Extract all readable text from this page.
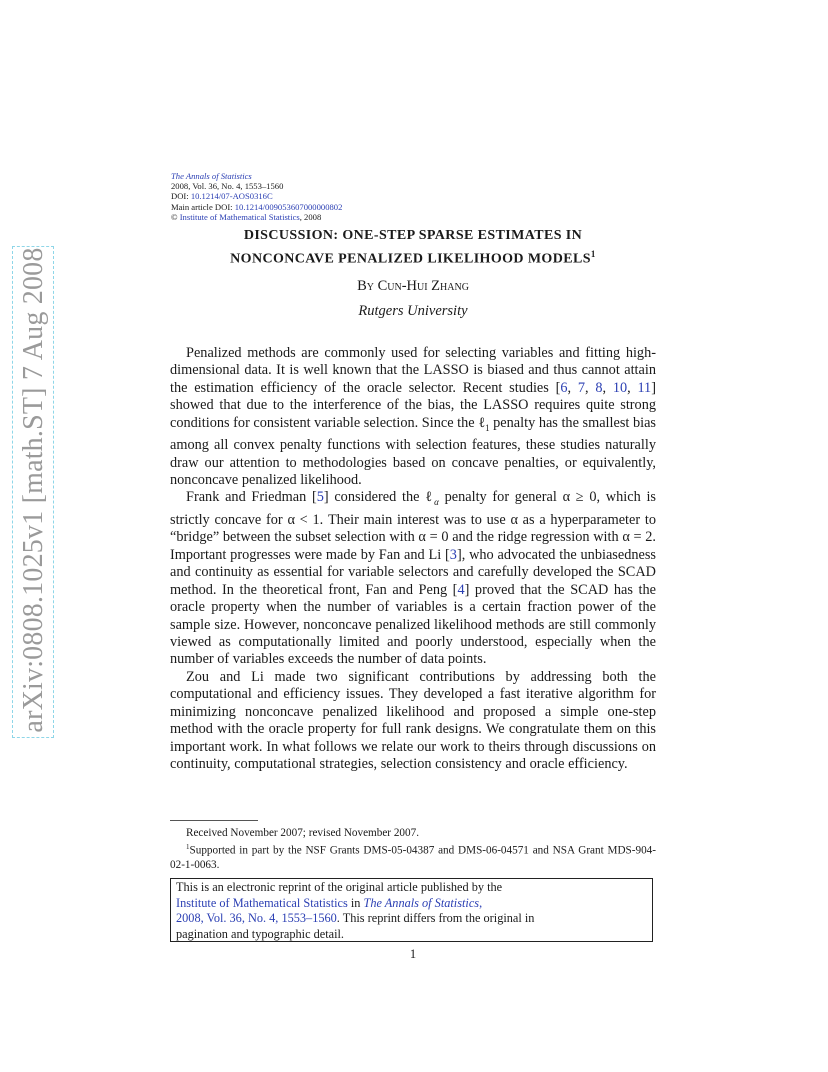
arXiv:0808.1025v1 [math.ST] 7 Aug 2008
The Annals of Statistics
2008, Vol. 36, No. 4, 1553–1560
DOI: 10.1214/07-AOS0316C
Main article DOI: 10.1214/009053607000000802
© Institute of Mathematical Statistics, 2008
DISCUSSION: ONE-STEP SPARSE ESTIMATES IN
NONCONCAVE PENALIZED LIKELIHOOD MODELS$^1$
By Cun-Hui Zhang
Rutgers University

Penalized methods are commonly used for selecting variables and fitting high-dimensional data. It is well known that the LASSO is biased and thus cannot attain the estimation efficiency of the oracle selector. Recent studies [6, 7, 8, 10, 11] showed that due to the interference of the bias, the LASSO requires quite strong conditions for consistent variable selection. Since the ℓ$_1$ penalty has the smallest bias among all convex penalty functions with selection features, these studies naturally draw our attention to methodologies based on concave penalties, or equivalently, nonconcave penalized likelihood.

Frank and Friedman [5] considered the ℓ$_\alpha$ penalty for general α ≥ 0, which is strictly concave for α < 1. Their main interest was to use α as a hyperparameter to “bridge” between the subset selection with α = 0 and the ridge regression with α = 2. Important progresses were made by Fan and Li [3], who advocated the unbiasedness and continuity as essential for variable selectors and carefully developed the SCAD method. In the theoretical front, Fan and Peng [4] proved that the SCAD has the oracle property when the number of variables is a certain fraction power of the sample size. However, nonconcave penalized likelihood methods are still commonly viewed as computationally limited and poorly understood, especially when the number of variables exceeds the number of data points.

Zou and Li made two significant contributions by addressing both the computational and efficiency issues. They developed a fast iterative algorithm for minimizing nonconcave penalized likelihood and proposed a simple one-step method with the oracle property for full rank designs. We congratulate them on this important work. In what follows we relate our work to theirs through discussions on continuity, computational strategies, selection consistency and oracle efficiency.

Received November 2007; revised November 2007.

$^1$Supported in part by the NSF Grants DMS-05-04387 and DMS-06-04571 and NSA Grant MDS-904-02-1-0063.

This is an electronic reprint of the original article published by the
Institute of Mathematical Statistics in The Annals of Statistics,
2008, Vol. 36, No. 4, 1553–1560. This reprint differs from the original in
pagination and typographic detail.
1
